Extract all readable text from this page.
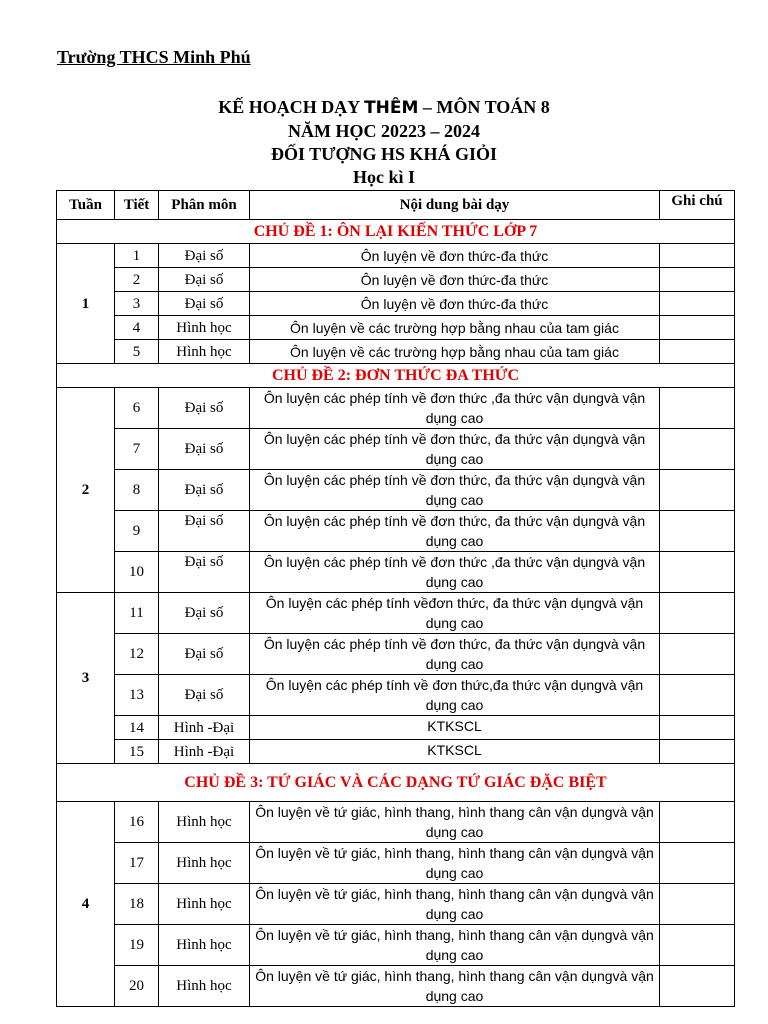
Trường THCS Minh Phú
KẾ HOẠCH DẠY THÊM – MÔN TOÁN 8
NĂM HỌC 20223 – 2024
ĐỐI TƯỢNG HS KHÁ GIỎI
Học kì I
Tuần	Tiết	Phân môn	Nội dung bài dạy	Ghi chú
CHỦ ĐỀ 1: ÔN LẠI KIẾN THỨC LỚP 7				
1	1	Đại số	Ôn luyện về đơn thức-đa thức	
	2	Đại số	Ôn luyện về đơn thức-đa thức	
	3	Đại số	Ôn luyện về đơn thức-đa thức	
	4	Hình học	Ôn luyện về các trường hợp bằng nhau của tam giác	
	5	Hình học	Ôn luyện về các trường hợp bằng nhau của tam giác	
CHỦ ĐỀ 2: ĐƠN THỨC ĐA THỨC				
2	6	Đại số	Ôn luyện các phép tính về đơn thức ,đa thức vận dụngvà vận dụng cao	
	7	Đại số	Ôn luyện các phép tính về đơn thức, đa thức vận dụngvà vận dụng cao	
	8	Đại số	Ôn luyện các phép tính về đơn thức, đa thức vận dụngvà vận dụng cao	
	9	Đại số	Ôn luyện các phép tính về đơn thức, đa thức vận dụngvà vận dụng cao	
	10	Đại số	Ôn luyện các phép tính về đơn thức ,đa thức vận dụngvà vận dụng cao	
3	11	Đại số	Ôn luyện các phép tính vềđơn thức, đa thức vận dụngvà vận dụng cao	
	12	Đại số	Ôn luyện các phép tính về đơn thức, đa thức vận dụngvà vận dụng cao	
	13	Đại số	Ôn luyện các phép tính về đơn thức,đa thức vận dụngvà vận dụng cao	
	14	Hình -Đại	KTKSCL	
	15	Hình -Đại	KTKSCL	
CHỦ ĐỀ 3: TỨ GIÁC VÀ CÁC DẠNG TỨ GIÁC ĐẶC BIỆT				
4	16	Hình học	Ôn luyện về tứ giác, hình thang, hình thang cân vận dụngvà vận dụng cao	
	17	Hình học	Ôn luyện về tứ giác, hình thang, hình thang cân vận dụngvà vận dụng cao	
	18	Hình học	Ôn luyện về tứ giác, hình thang, hình thang cân vận dụngvà vận dụng cao	
	19	Hình học	Ôn luyện về tứ giác, hình thang, hình thang cân vận dụngvà vận dụng cao	
	20	Hình học	Ôn luyện về tứ giác, hình thang, hình thang cân vận dụngvà vận dụng cao	
